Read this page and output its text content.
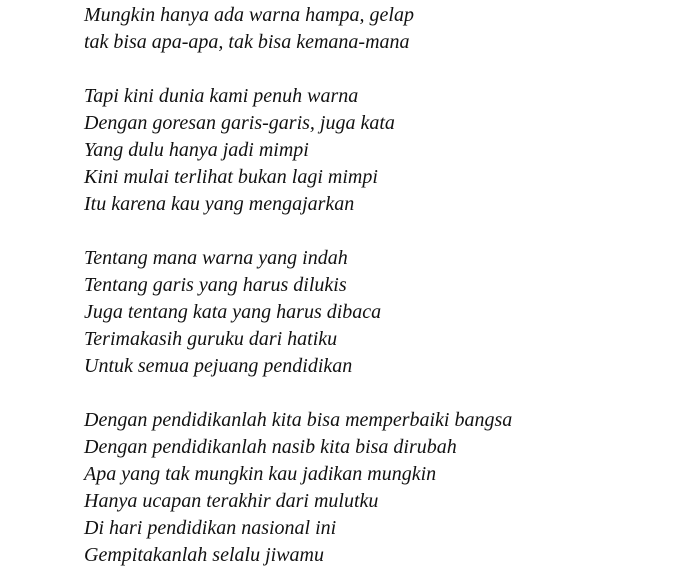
Mungkin hanya ada warna hampa, gelap
tak bisa apa-apa, tak bisa kemana-mana
Tapi kini dunia kami penuh warna
Dengan goresan garis-garis, juga kata
Yang dulu hanya jadi mimpi
Kini mulai terlihat bukan lagi mimpi
Itu karena kau yang mengajarkan
Tentang mana warna yang indah
Tentang garis yang harus dilukis
Juga tentang kata yang harus dibaca
Terimakasih guruku dari hatiku
Untuk semua pejuang pendidikan
Dengan pendidikanlah kita bisa memperbaiki bangsa
Dengan pendidikanlah nasib kita bisa dirubah
Apa yang tak mungkin kau jadikan mungkin
Hanya ucapan terakhir dari mulutku
Di hari pendidikan nasional ini
Gempitakanlah selalu jiwamu
